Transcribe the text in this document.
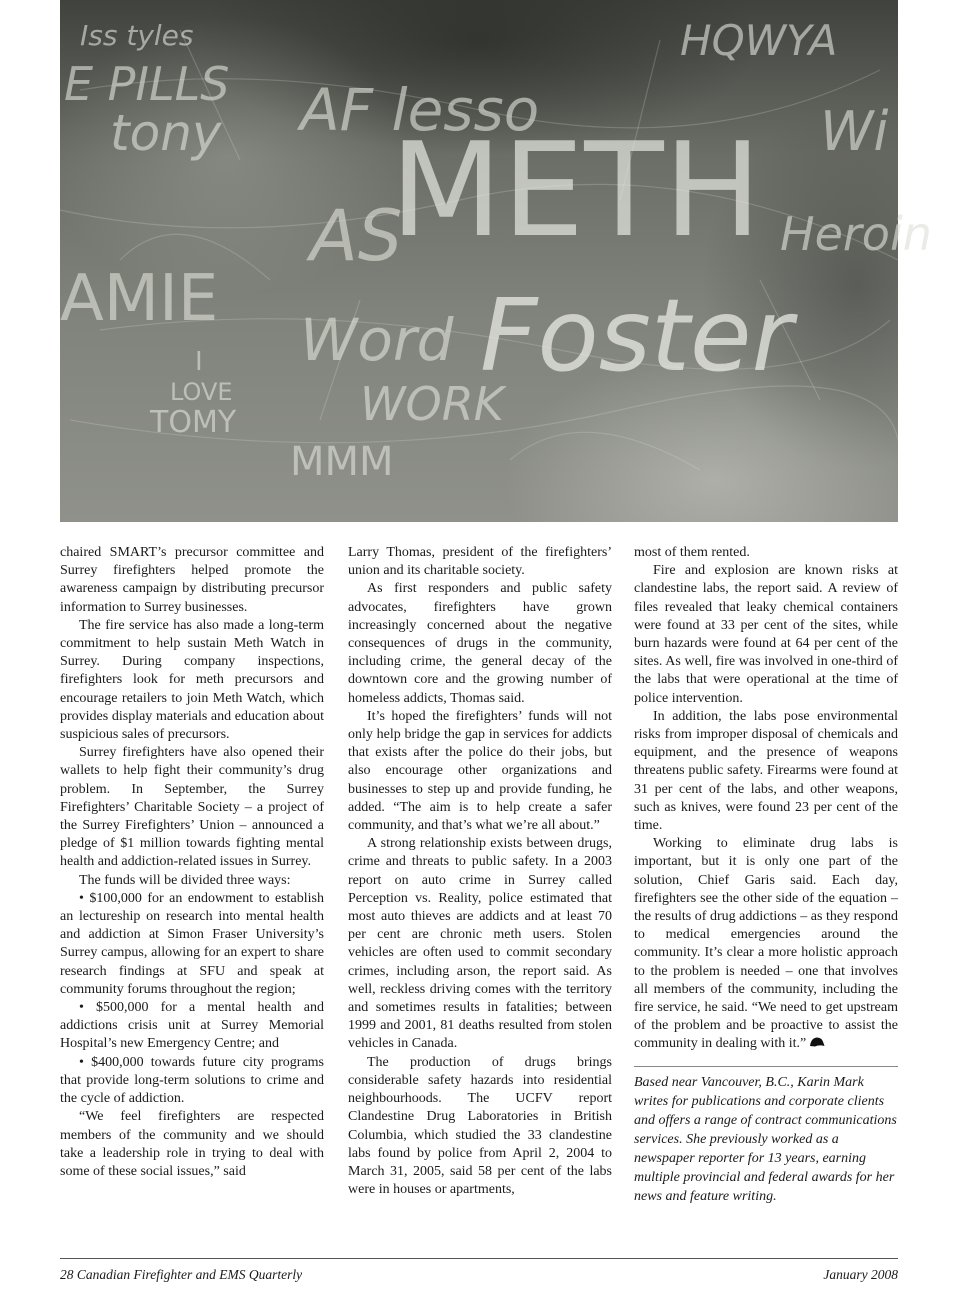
Iss tyles
E PILLS
tony AF lesso
METH
AS	Heroin
AMIE
Word Foster
I
LOVE
TOMY	WORK
MMM
HQWYA
Wi

chaired SMART’s precursor committee and Surrey firefighters helped promote the awareness campaign by distributing precursor information to Surrey businesses.

The fire service has also made a long-term commitment to help sustain Meth Watch in Surrey. During company inspections, firefighters look for meth precursors and encourage retailers to join Meth Watch, which provides display materials and education about suspicious sales of precursors.

Surrey firefighters have also opened their wallets to help fight their community’s drug problem. In September, the Surrey Firefighters’ Charitable Society – a project of the Surrey Firefighters’ Union – announced a pledge of $1 million towards fighting mental health and addiction-related issues in Surrey.

The funds will be divided three ways:

• $100,000 for an endowment to establish an lectureship on research into mental health and addiction at Simon Fraser University’s Surrey campus, allowing for an expert to share research findings at SFU and speak at community forums throughout the region;

• $500,000 for a mental health and addictions crisis unit at Surrey Memorial Hospital’s new Emergency Centre; and

• $400,000 towards future city programs that provide long-term solutions to crime and the cycle of addiction.

“We feel firefighters are respected members of the community and we should take a leadership role in trying to deal with some of these social issues,” said

Larry Thomas, president of the firefighters’ union and its charitable society.

As first responders and public safety advocates, firefighters have grown increasingly concerned about the negative consequences of drugs in the community, including crime, the general decay of the downtown core and the growing number of homeless addicts, Thomas said.

It’s hoped the firefighters’ funds will not only help bridge the gap in services for addicts that exists after the police do their jobs, but also encourage other organizations and businesses to step up and provide funding, he added. “The aim is to help create a safer community, and that’s what we’re all about.”

A strong relationship exists between drugs, crime and threats to public safety. In a 2003 report on auto crime in Surrey called Perception vs. Reality, police estimated that most auto thieves are addicts and at least 70 per cent are chronic meth users. Stolen vehicles are often used to commit secondary crimes, including arson, the report said. As well, reckless driving comes with the territory and sometimes results in fatalities; between 1999 and 2001, 81 deaths resulted from stolen vehicles in Canada.

The production of drugs brings considerable safety hazards into residential neighbourhoods. The UCFV report Clandestine Drug Laboratories in British Columbia, which studied the 33 clandestine labs found by police from April 2, 2004 to March 31, 2005, said 58 per cent of the labs were in houses or apartments,

most of them rented.

Fire and explosion are known risks at clandestine labs, the report said. A review of files revealed that leaky chemical containers were found at 33 per cent of the sites, while burn hazards were found at 64 per cent of the sites. As well, fire was involved in one-third of the labs that were operational at the time of police intervention.

In addition, the labs pose environmental risks from improper disposal of chemicals and equipment, and the presence of weapons threatens public safety. Firearms were found at 31 per cent of the labs, and other weapons, such as knives, were found 23 per cent of the time.

Working to eliminate drug labs is important, but it is only one part of the solution, Chief Garis said. Each day, firefighters see the other side of the equation – the results of drug addictions – as they respond to medical emergencies around the community. It’s clear a more holistic approach to the problem is needed – one that involves all members of the community, including the fire service, he said. “We need to get upstream of the problem and be proactive to assist the community in dealing with it.”

Based near Vancouver, B.C., Karin Mark writes for publications and corporate clients and offers a range of contract communications services. She previously worked as a newspaper reporter for 13 years, earning multiple provincial and federal awards for her news and feature writing.

28 Canadian Firefighter and EMS Quarterly	January 2008
